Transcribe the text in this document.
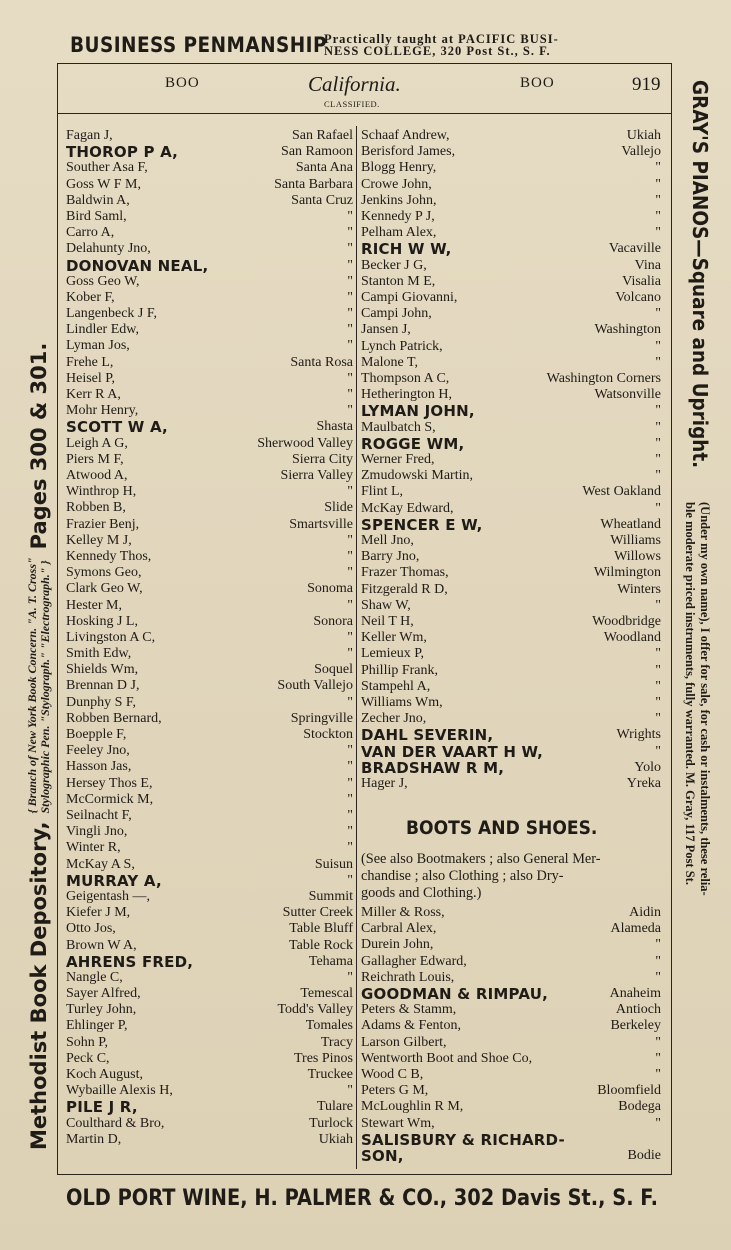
BUSINESS PENMANSHIP
Practically taught at PACIFIC BUSI-
NESS COLLEGE, 320 Post St., S. F.
Methodist Book Depository,
{ Branch of New York Book Concern. "A. T. Cross"
Stylographic Pen. "Stylograph." "Electrograph." }
Pages 300 & 301.	GRAY'S PIANOS—Square and Upright. (Under my own name), I offer for sale, for cash or instalments, these relia-
ble moderate priced instruments, fully warranted. M. Gray, 117 Post St.
BOO	California.
CLASSIFIED.
BOO	919
Fagan J,	San Rafael
THOROP P A,	San Ramoon
Souther Asa F,	Santa Ana
Goss W F M,	Santa Barbara
Baldwin A,	Santa Cruz
Bird Saml,	"
Carro A,	"
Delahunty Jno,	"
DONOVAN NEAL,	"
Goss Geo W,	"
Kober F,	"
Langenbeck J F,	"
Lindler Edw,	"
Lyman Jos,	"
Frehe L,	Santa Rosa
Heisel P,	"
Kerr R A,	"
Mohr Henry,	"
SCOTT W A,	Shasta
Leigh A G,	Sherwood Valley
Piers M F,	Sierra City
Atwood A,	Sierra Valley
Winthrop H,	"
Robben B,	Slide
Frazier Benj,	Smartsville
Kelley M J,	"
Kennedy Thos,	"
Symons Geo,	"
Clark Geo W,	Sonoma
Hester M,	"
Hosking J L,	Sonora
Livingston A C,	"
Smith Edw,	"
Shields Wm,	Soquel
Brennan D J,	South Vallejo
Dunphy S F,	"
Robben Bernard,	Springville
Boepple F,	Stockton
Feeley Jno,	"
Hasson Jas,	"
Hersey Thos E,	"
McCormick M,	"
Seilnacht F,	"
Vingli Jno,	"
Winter R,	"
McKay A S,	Suisun
MURRAY A,	"
Geigentash —,	Summit
Kiefer J M,	Sutter Creek
Otto Jos,	Table Bluff
Brown W A,	Table Rock
AHRENS FRED,	Tehama
Nangle C,	"
Sayer Alfred,	Temescal
Turley John,	Todd's Valley
Ehlinger P,	Tomales
Sohn P,	Tracy
Peck C,	Tres Pinos
Koch August,	Truckee
Wybaille Alexis H,	"
PILE J R,	Tulare
Coulthard & Bro,	Turlock
Martin D,	Ukiah
Schaaf Andrew,	Ukiah
Berisford James,	Vallejo
Blogg Henry,	"
Crowe John,	"
Jenkins John,	"
Kennedy P J,	"
Pelham Alex,	"
RICH W W,	Vacaville
Becker J G,	Vina
Stanton M E,	Visalia
Campi Giovanni,	Volcano
Campi John,	"
Jansen J,	Washington
Lynch Patrick,	"
Malone T,	"
Thompson A C,	Washington Corners
Hetherington H,	Watsonville
LYMAN JOHN,	"
Maulbatch S,	"
ROGGE WM,	"
Werner Fred,	"
Zmudowski Martin,	"
Flint L,	West Oakland
McKay Edward,	"
SPENCER E W,	Wheatland
Mell Jno,	Williams
Barry Jno,	Willows
Frazer Thomas,	Wilmington
Fitzgerald R D,	Winters
Shaw W,	"
Neil T H,	Woodbridge
Keller Wm,	Woodland
Lemieux P,	"
Phillip Frank,	"
Stampehl A,	"
Williams Wm,	"
Zecher Jno,	"
DAHL SEVERIN,	Wrights
VAN DER VAART H W,	"
BRADSHAW R M,	Yolo
Hager J,	Yreka
BOOTS AND SHOES.
(See also Bootmakers ; also General Mer-
chandise ; also Clothing ; also Dry-
goods and Clothing.)
Miller & Ross,	Aidin
Carbral Alex,	Alameda
Durein John,	"
Gallagher Edward,	"
Reichrath Louis,	"
GOODMAN & RIMPAU,	Anaheim
Peters & Stamm,	Antioch
Adams & Fenton,	Berkeley
Larson Gilbert,	"
Wentworth Boot and Shoe Co,	"
Wood C B,	"
Peters G M,	Bloomfield
McLoughlin R M,	Bodega
Stewart Wm,	"
SALISBURY & RICHARD-
SON,	Bodie
OLD PORT WINE, H. PALMER & CO., 302 Davis St., S. F.
